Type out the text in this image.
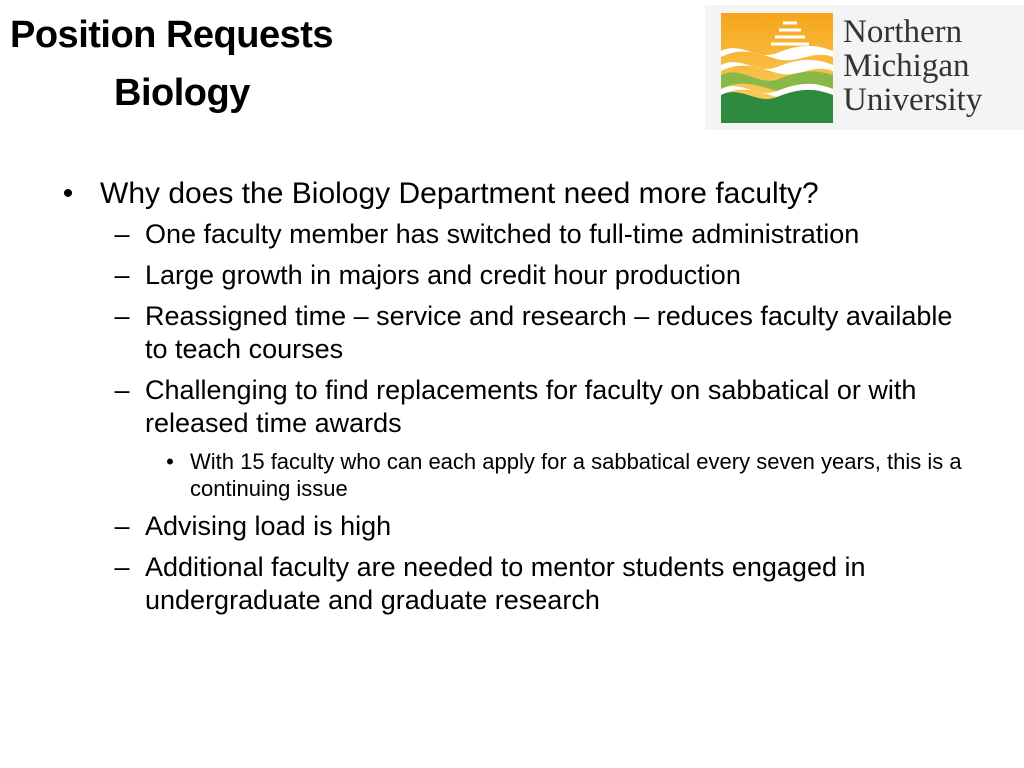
Position Requests
Biology
Northern
Michigan
University
• Why does the Biology Department need more faculty?
– One faculty member has switched to full-time administration
– Large growth in majors and credit hour production
– Reassigned time – service and research – reduces faculty available to teach courses
– Challenging to find replacements for faculty on sabbatical or with released time awards
• With 15 faculty who can each apply for a sabbatical every seven years, this is a continuing issue
– Advising load is high
– Additional faculty are needed to mentor students engaged in undergraduate and graduate research
